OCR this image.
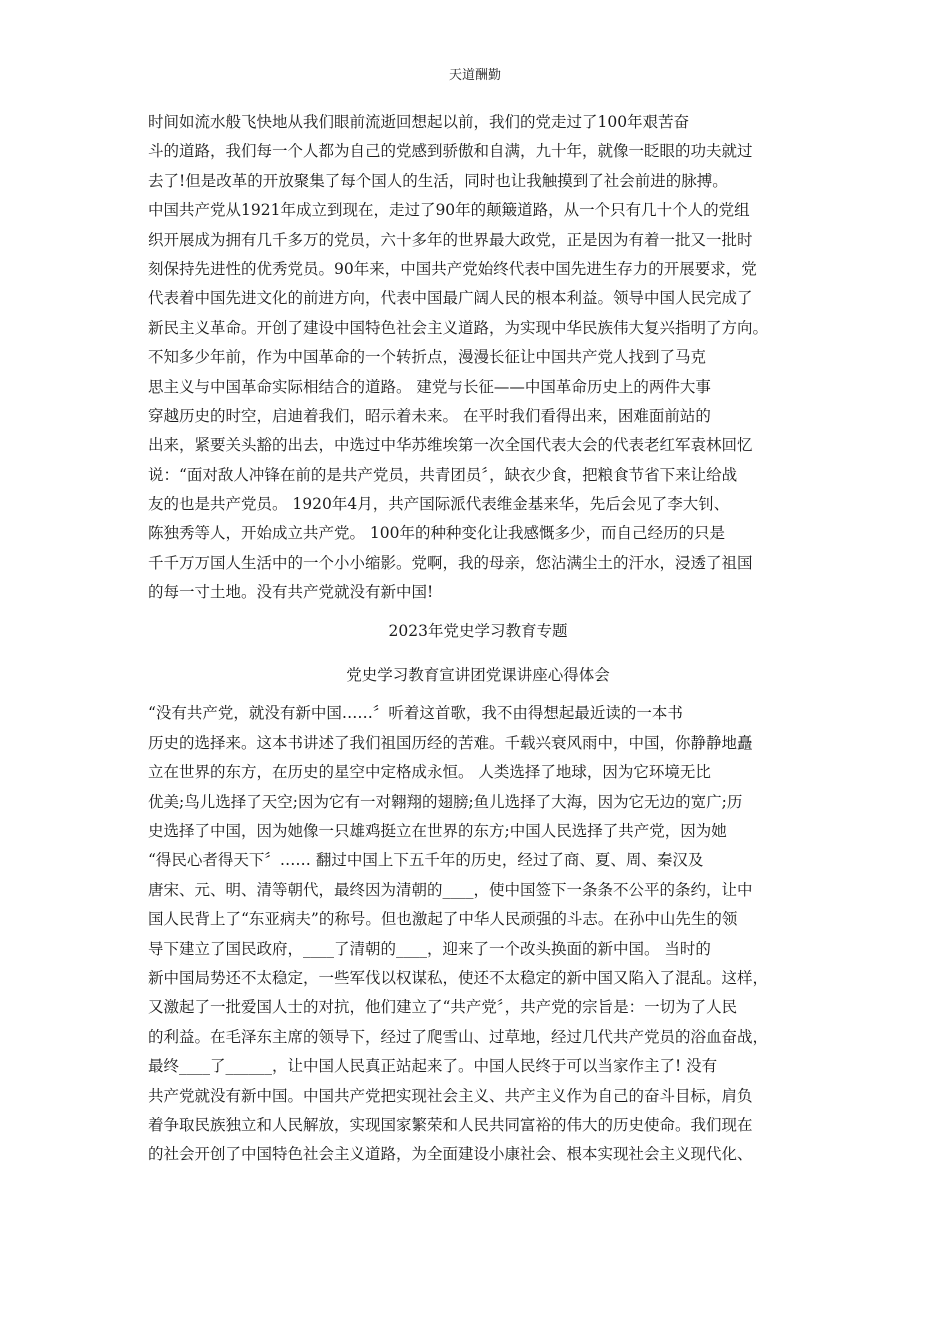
天道酬勤
时间如流水般飞快地从我们眼前流逝回想起以前，我们的党走过了100年艰苦奋
斗的道路，我们每一个人都为自己的党感到骄傲和自满，九十年，就像一眨眼的功夫就过
去了!但是改革的开放聚集了每个国人的生活，同时也让我触摸到了社会前进的脉搏。
中国共产党从1921年成立到现在，走过了90年的颠簸道路，从一个只有几十个人的党组
织开展成为拥有几千多万的党员，六十多年的世界最大政党，正是因为有着一批又一批时
刻保持先进性的优秀党员。90年来，中国共产党始终代表中国先进生存力的开展要求，党
代表着中国先进文化的前进方向，代表中国最广阔人民的根本利益。领导中国人民完成了
新民主义革命。开创了建设中国特色社会主义道路，为实现中华民族伟大复兴指明了方向。
不知多少年前，作为中国革命的一个转折点，漫漫长征让中国共产党人找到了马克
思主义与中国革命实际相结合的道路。 建党与长征——中国革命历史上的两件大事
穿越历史的时空，启迪着我们，昭示着未来。 在平时我们看得出来，困难面前站的
出来，紧要关头豁的出去，中选过中华苏维埃第一次全国代表大会的代表老红军袁林回忆
说：“面对敌人冲锋在前的是共产党员，共青团员〞，缺衣少食，把粮食节省下来让给战
友的也是共产党员。 1920年4月，共产国际派代表维金基来华，先后会见了李大钊、
陈独秀等人，开始成立共产党。 100年的种种变化让我感慨多少，而自己经历的只是
千千万万国人生活中的一个小小缩影。党啊，我的母亲，您沾满尘土的汗水，浸透了祖国
的每一寸土地。没有共产党就没有新中国!
2023年党史学习教育专题
党史学习教育宣讲团党课讲座心得体会
“没有共产党，就没有新中国……〞听着这首歌，我不由得想起最近读的一本书
历史的选择来。这本书讲述了我们祖国历经的苦难。千载兴衰风雨中，中国，你静静地矗
立在世界的东方，在历史的星空中定格成永恒。 人类选择了地球，因为它环境无比
优美;鸟儿选择了天空;因为它有一对翱翔的翅膀;鱼儿选择了大海，因为它无边的宽广;历
史选择了中国，因为她像一只雄鸡挺立在世界的东方;中国人民选择了共产党，因为她
“得民心者得天下〞…… 翻过中国上下五千年的历史，经过了商、夏、周、秦汉及
唐宋、元、明、清等朝代，最终因为清朝的____，使中国签下一条条不公平的条约，让中
国人民背上了“东亚病夫”的称号。但也激起了中华人民顽强的斗志。在孙中山先生的领
导下建立了国民政府，____了清朝的____，迎来了一个改头换面的新中国。 当时的
新中国局势还不太稳定，一些军伐以权谋私，使还不太稳定的新中国又陷入了混乱。这样，
又激起了一批爱国人士的对抗，他们建立了“共产党〞，共产党的宗旨是：一切为了人民
的利益。在毛泽东主席的领导下，经过了爬雪山、过草地，经过几代共产党员的浴血奋战，
最终____了______，让中国人民真正站起来了。中国人民终于可以当家作主了! 没有
共产党就没有新中国。中国共产党把实现社会主义、共产主义作为自己的奋斗目标，肩负
着争取民族独立和人民解放，实现国家繁荣和人民共同富裕的伟大的历史使命。我们现在
的社会开创了中国特色社会主义道路，为全面建设小康社会、根本实现社会主义现代化、
